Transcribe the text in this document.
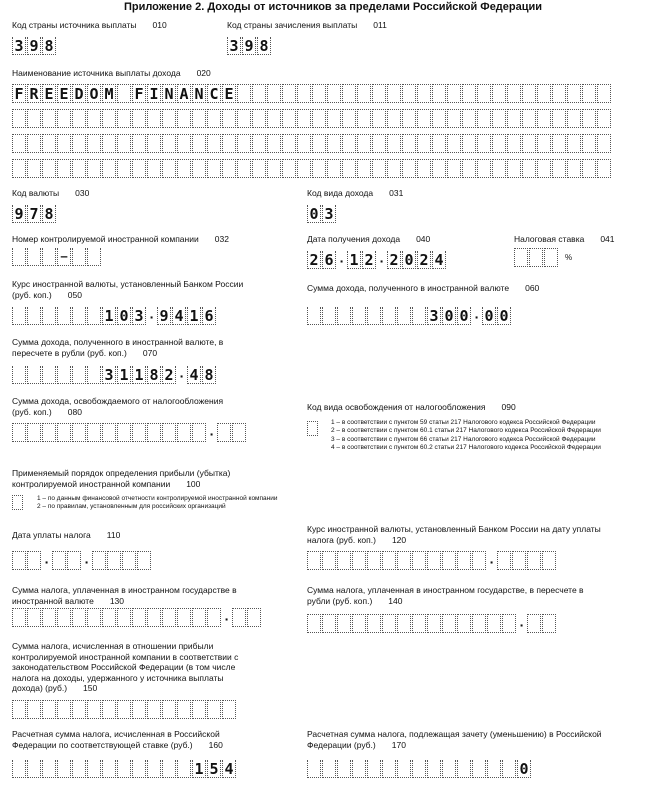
Приложение 2. Доходы от источников за пределами Российской Федерации
Код страны источника выплаты 010
3 9 8
Код страны зачисления выплаты 011
3 9 8
Наименование источника выплаты дохода 020
F R E E D O M F I N A N C E
Код валюты 030
9 7 8
Код вида дохода 031
0 3
Номер контролируемой иностранной компании 032
–
Дата получения дохода 040
2 6 · 1 2 · 2 0 2 4
Налоговая ставка 041
%
Курс иностранной валюты, установленный Банком России
(руб. коп.) 050
1 0 3 · 9 4 1 6
Сумма дохода, полученного в иностранной валюте 060
3 0 0 · 0 0
Сумма дохода, полученного в иностранной валюте, в
пересчете в рубли (руб. коп.) 070
3 1 1 8 2 · 4 8
Сумма дохода, освобождаемого от налогообложения
(руб. коп.) 080
·
Код вида освобождения от налогообложения 090
1 – в соответствии с пунктом 59 статьи 217 Налогового кодекса Российской Федерации
2 – в соответствии с пунктом 60.1 статьи 217 Налогового кодекса Российской Федерации
3 – в соответствии с пунктом 66 статьи 217 Налогового кодекса Российской Федерации
4 – в соответствии с пунктом 60.2 статьи 217 Налогового кодекса Российской Федерации
Применяемый порядок определения прибыли (убытка)
контролируемой иностранной компании 100
1 – по данным финансовой отчетности контролируемой иностранной компании
2 – по правилам, установленным для российских организаций
Дата уплаты налога 110
·	·
Курс иностранной валюты, установленный Банком России на дату уплаты
налога (руб. коп.) 120
·
Сумма налога, уплаченная в иностранном государстве в
иностранной валюте 130
·
Сумма налога, уплаченная в иностранном государстве, в пересчете в
рубли (руб. коп.) 140
·
Сумма налога, исчисленная в отношении прибыли
контролируемой иностранной компании в соответствии с
законодательством Российской Федерации (в том числе
налога на доходы, удержанного у источника выплаты
дохода) (руб.) 150
Расчетная сумма налога, исчисленная в Российской
Федерации по соответствующей ставке (руб.) 160
1 5 4
Расчетная сумма налога, подлежащая зачету (уменьшению) в Российской
Федерации (руб.) 170
0
